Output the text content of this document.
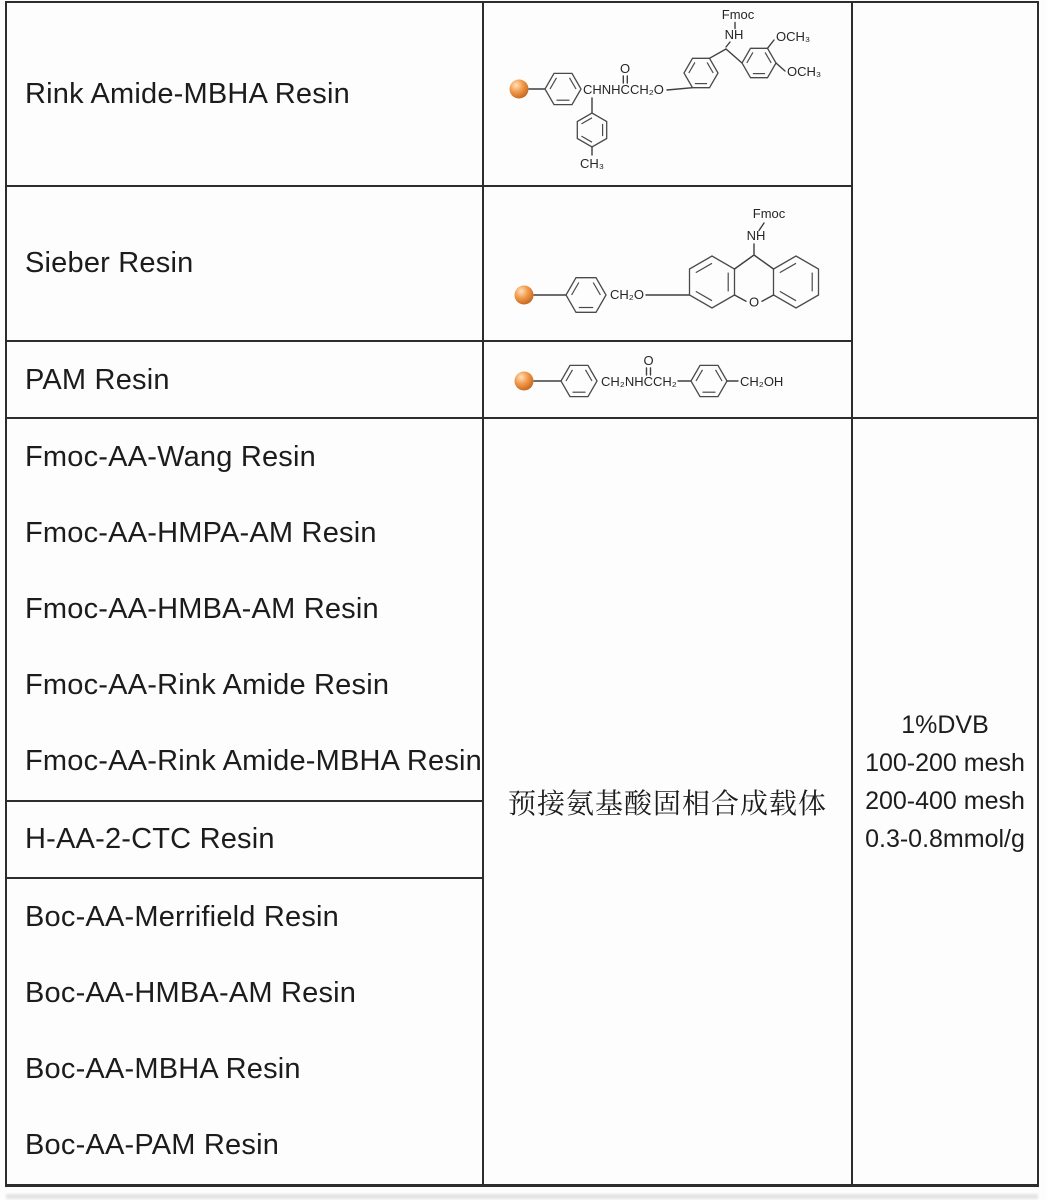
Rink Amide-MBHA Resin
Sieber Resin
PAM Resin
Fmoc-AA-Wang Resin
Fmoc-AA-HMPA-AM Resin
Fmoc-AA-HMBA-AM Resin
Fmoc-AA-Rink Amide Resin
Fmoc-AA-Rink Amide-MBHA Resin
H-AA-2-CTC Resin
Boc-AA-Merrifield Resin
Boc-AA-HMBA-AM Resin
Boc-AA-MBHA Resin
Boc-AA-PAM Resin
预接氨基酸固相合成载体
1%DVB
100-200 mesh
200-400 mesh
0.3-0.8mmol/g
CHNHCCH₂O
O
NH
Fmoc
OCH₃
OCH₃
CH₃
CH₂O	O
NH
Fmoc
CH₂NHCCH₂
O
CH₂OH
